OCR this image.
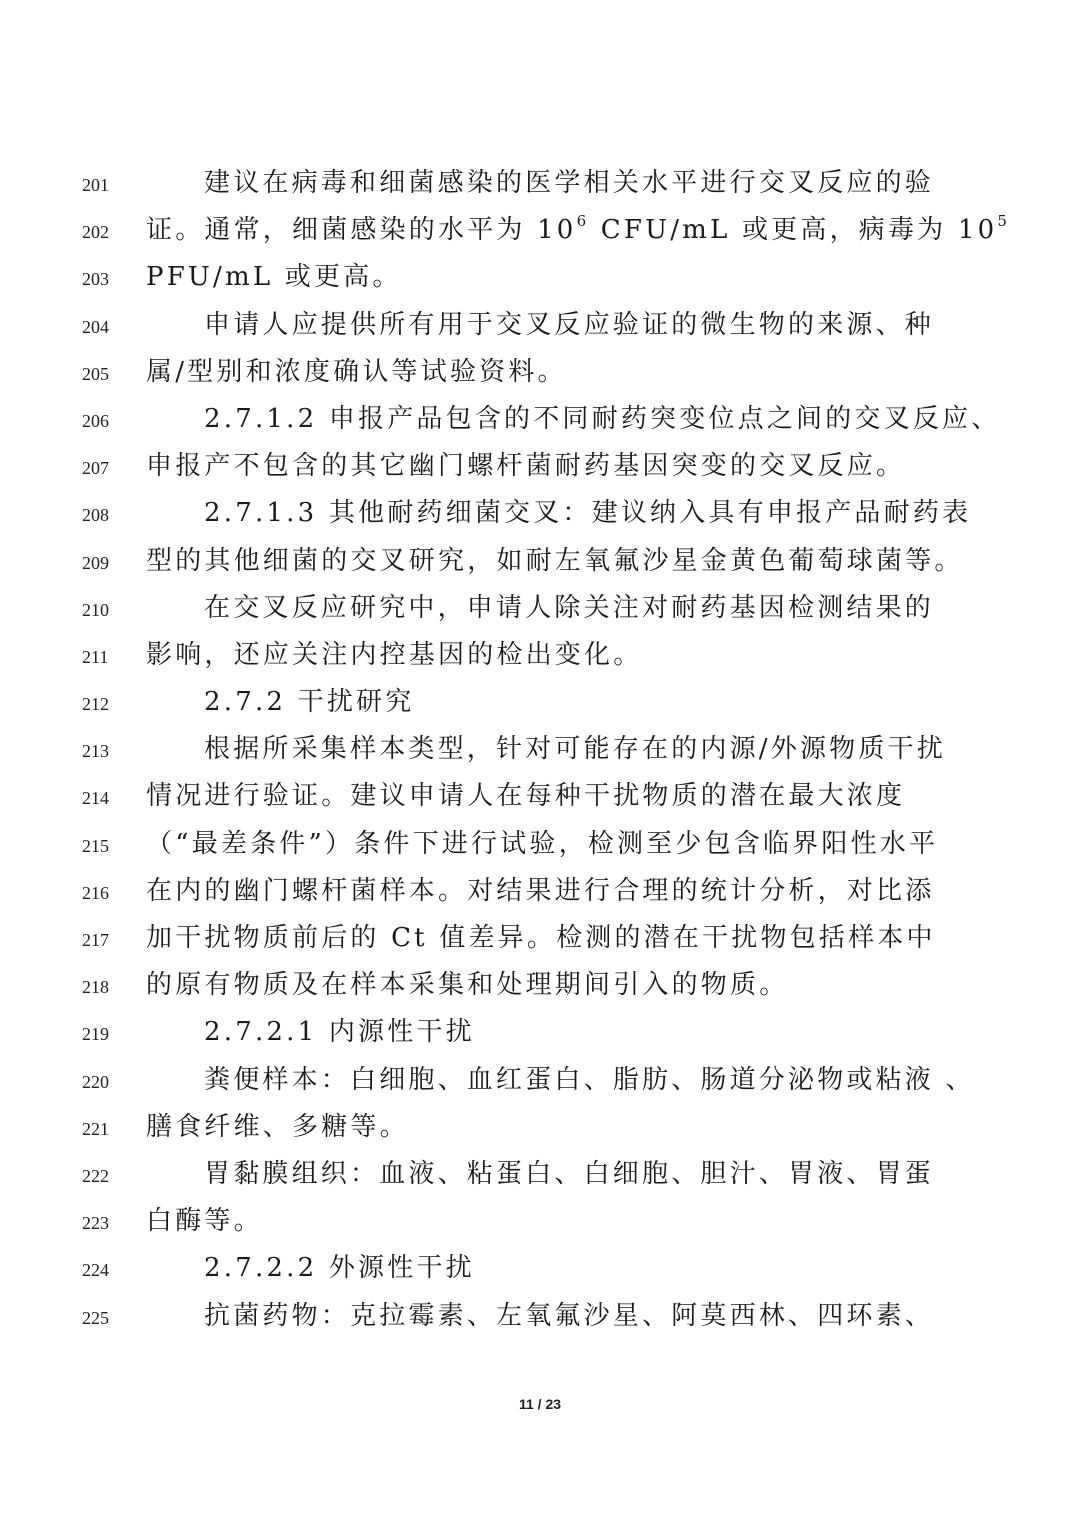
201	建议在病毒和细菌感染的医学相关水平进行交叉反应的验
202	证。通常，细菌感染的水平为 $10^6$ CFU/mL 或更高，病毒为 $10^5$
203	PFU/mL 或更高。
204	申请人应提供所有用于交叉反应验证的微生物的来源、种
205	属/型别和浓度确认等试验资料。
206	2.7.1.2 申报产品包含的不同耐药突变位点之间的交叉反应、
207	申报产不包含的其它幽门螺杆菌耐药基因突变的交叉反应。
208	2.7.1.3 其他耐药细菌交叉：建议纳入具有申报产品耐药表
209	型的其他细菌的交叉研究，如耐左氧氟沙星金黄色葡萄球菌等。
210	在交叉反应研究中，申请人除关注对耐药基因检测结果的
211	影响，还应关注内控基因的检出变化。
212	2.7.2 干扰研究
213	根据所采集样本类型，针对可能存在的内源/外源物质干扰
214	情况进行验证。建议申请人在每种干扰物质的潜在最大浓度
215	（“最差条件”）条件下进行试验，检测至少包含临界阳性水平
216	在内的幽门螺杆菌样本。对结果进行合理的统计分析，对比添
217	加干扰物质前后的 Ct 值差异。检测的潜在干扰物包括样本中
218	的原有物质及在样本采集和处理期间引入的物质。
219	2.7.2.1 内源性干扰
220	粪便样本：白细胞、血红蛋白、脂肪、肠道分泌物或粘液 、
221	膳食纤维、多糖等。
222	胃黏膜组织：血液、粘蛋白、白细胞、胆汁、胃液、胃蛋
223	白酶等。
224	2.7.2.2 外源性干扰
225	抗菌药物：克拉霉素、左氧氟沙星、阿莫西林、四环素、
11 / 23
